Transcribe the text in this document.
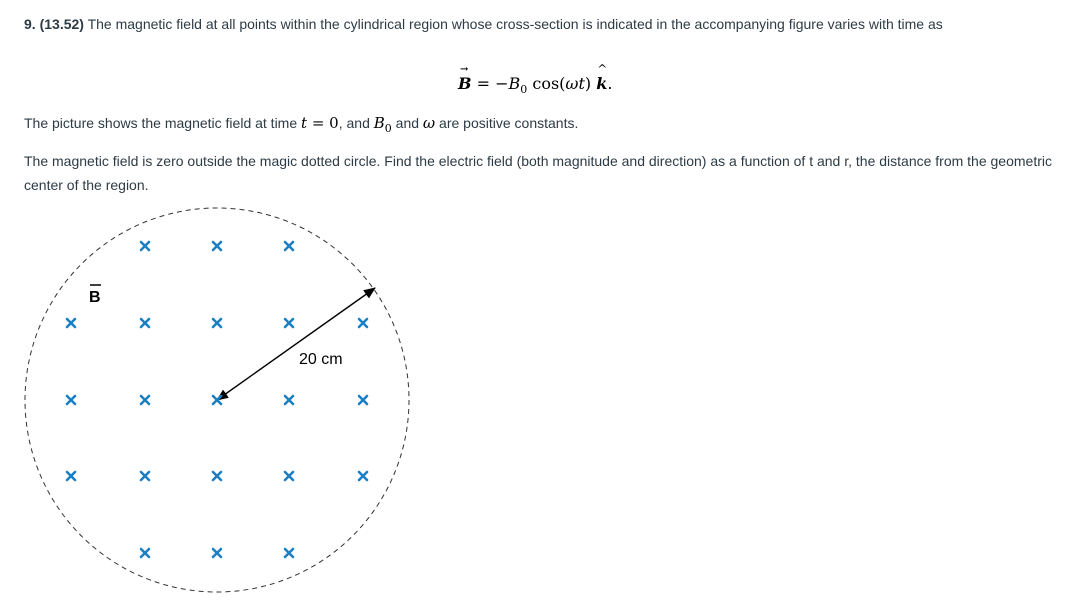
9. (13.52) The magnetic field at all points within the cylindrical region whose cross-section is indicated in the accompanying figure varies with time as

→
$B = -B_0$ cos(ωt)
^
k.

The picture shows the magnetic field at time t = 0, and $B_0$ and ω are positive constants.

The magnetic field is zero outside the magic dotted circle. Find the electric field (both magnitude and direction) as a function of t and r, the distance from the geometric center of the region.

20 cm
B
